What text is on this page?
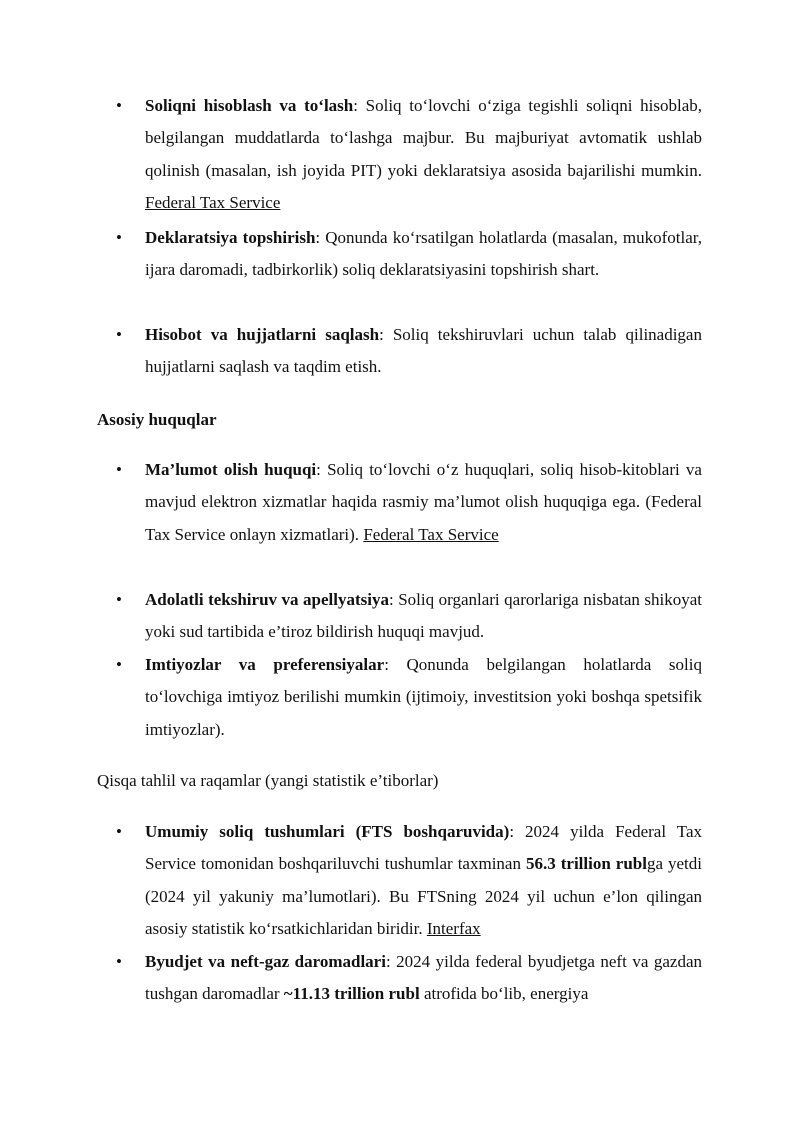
• Soliqni hisoblash va to‘lash: Soliq to‘lovchi o‘ziga tegishli soliqni hisoblab, belgilangan muddatlarda to‘lashga majbur. Bu majburiyat avtomatik ushlab qolinish (masalan, ish joyida PIT) yoki deklaratsiya asosida bajarilishi mumkin. Federal Tax Service

• Deklaratsiya topshirish: Qonunda ko‘rsatilgan holatlarda (masalan, mukofotlar, ijara daromadi, tadbirkorlik) soliq deklaratsiyasini topshirish shart.

• Hisobot va hujjatlarni saqlash: Soliq tekshiruvlari uchun talab qilinadigan hujjatlarni saqlash va taqdim etish.

Asosiy huquqlar
• Ma’lumot olish huquqi: Soliq to‘lovchi o‘z huquqlari, soliq hisob-kitoblari va mavjud elektron xizmatlar haqida rasmiy ma’lumot olish huquqiga ega. (Federal Tax Service onlayn xizmatlari). Federal Tax Service

• Adolatli tekshiruv va apellyatsiya: Soliq organlari qarorlariga nisbatan shikoyat yoki sud tartibida e’tiroz bildirish huquqi mavjud.

• Imtiyozlar va preferensiyalar: Qonunda belgilangan holatlarda soliq to‘lovchiga imtiyoz berilishi mumkin (ijtimoiy, investitsion yoki boshqa spetsifik imtiyozlar).

Qisqa tahlil va raqamlar (yangi statistik e’tiborlar)
• Umumiy soliq tushumlari (FTS boshqaruvida): 2024 yilda Federal Tax Service tomonidan boshqariluvchi tushumlar taxminan 56.3 trillion rublga yetdi (2024 yil yakuniy ma’lumotlari). Bu FTSning 2024 yil uchun e’lon qilingan asosiy statistik ko‘rsatkichlaridan biridir. Interfax

• Byudjet va neft-gaz daromadlari: 2024 yilda federal byudjetga neft va gazdan tushgan daromadlar ~11.13 trillion rubl atrofida bo‘lib, energiya
